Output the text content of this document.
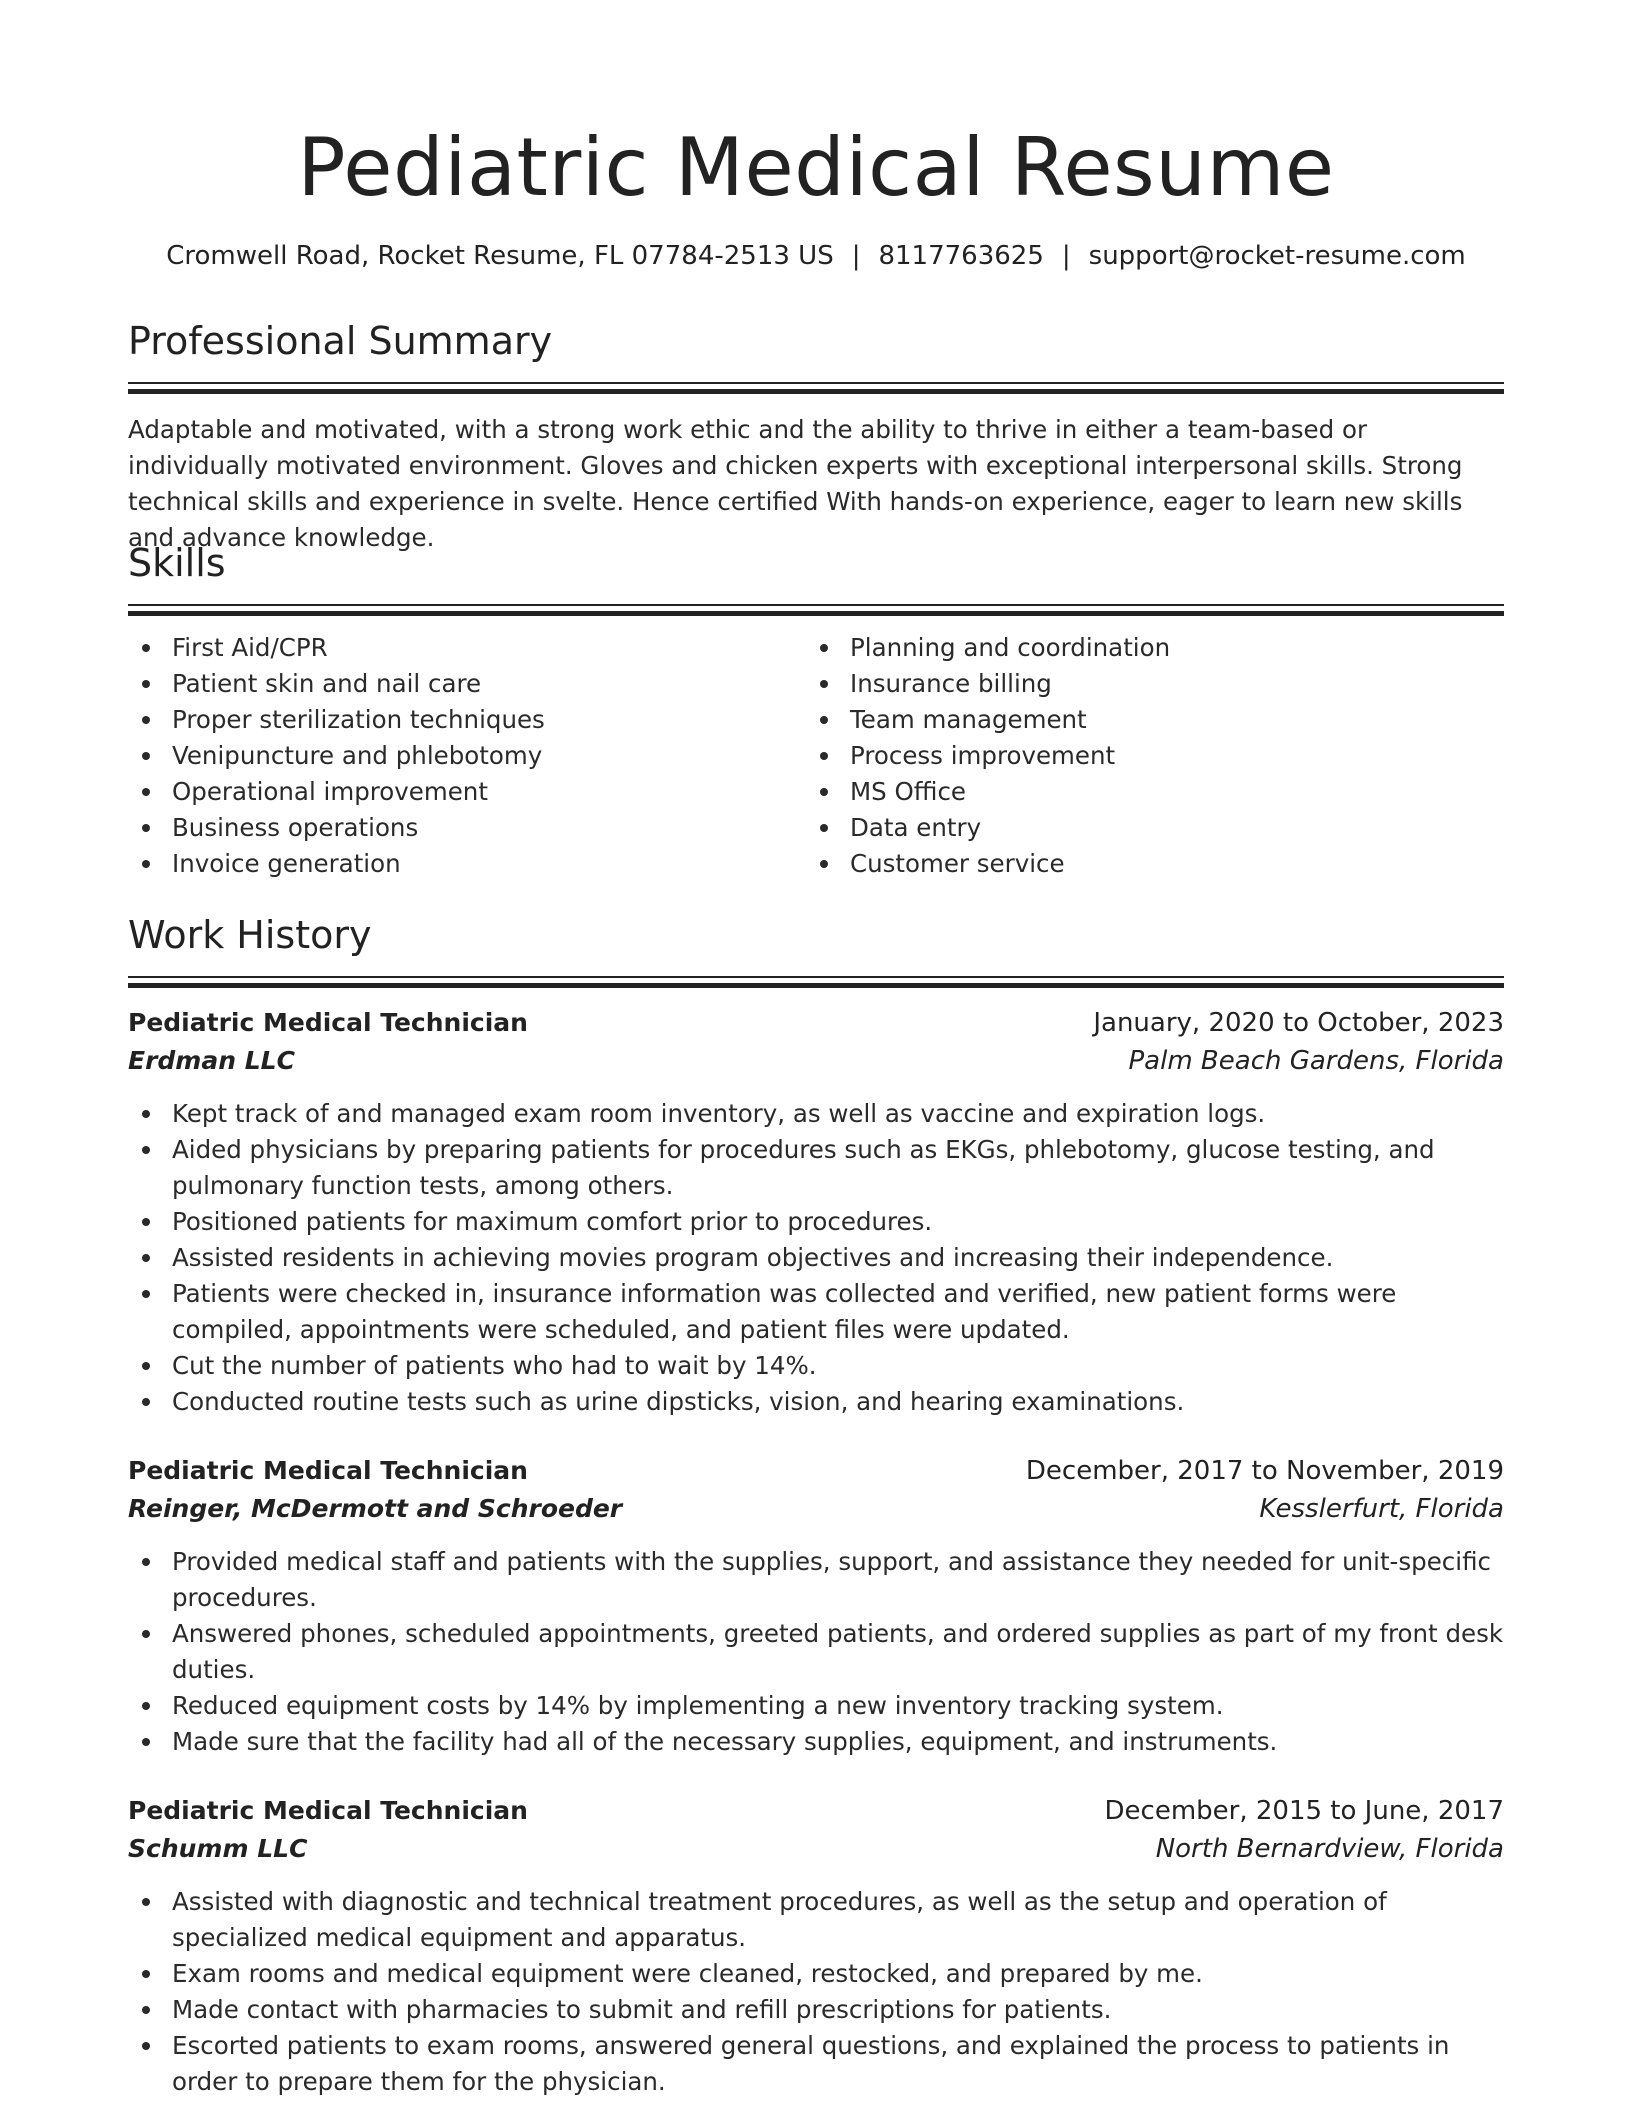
Pediatric Medical Resume
Cromwell Road, Rocket Resume, FL 07784-2513 US | 8117763625 | support@rocket-resume.com
Professional Summary

Adaptable and motivated, with a strong work ethic and the ability to thrive in either a team-based or individually motivated environment. Gloves and chicken experts with exceptional interpersonal skills. Strong technical skills and experience in svelte. Hence certified With hands-on experience, eager to learn new skills and advance knowledge.

Skills
First Aid/CPR
Patient skin and nail care
Proper sterilization techniques
Venipuncture and phlebotomy
Operational improvement
Business operations
Invoice generation
Planning and coordination
Insurance billing
Team management
Process improvement
MS Office
Data entry
Customer service
Work History
Pediatric Medical Technician	January, 2020 to October, 2023
Erdman LLC	Palm Beach Gardens, Florida
Kept track of and managed exam room inventory, as well as vaccine and expiration logs.
Aided physicians by preparing patients for procedures such as EKGs, phlebotomy, glucose testing, and pulmonary function tests, among others.
Positioned patients for maximum comfort prior to procedures.
Assisted residents in achieving movies program objectives and increasing their independence.
Patients were checked in, insurance information was collected and verified, new patient forms were compiled, appointments were scheduled, and patient files were updated.
Cut the number of patients who had to wait by 14%.
Conducted routine tests such as urine dipsticks, vision, and hearing examinations.
Pediatric Medical Technician	December, 2017 to November, 2019
Reinger, McDermott and Schroeder	Kesslerfurt, Florida
Provided medical staff and patients with the supplies, support, and assistance they needed for unit-specific procedures.
Answered phones, scheduled appointments, greeted patients, and ordered supplies as part of my front desk duties.
Reduced equipment costs by 14% by implementing a new inventory tracking system.
Made sure that the facility had all of the necessary supplies, equipment, and instruments.
Pediatric Medical Technician	December, 2015 to June, 2017
Schumm LLC	North Bernardview, Florida
Assisted with diagnostic and technical treatment procedures, as well as the setup and operation of specialized medical equipment and apparatus.
Exam rooms and medical equipment were cleaned, restocked, and prepared by me.
Made contact with pharmacies to submit and refill prescriptions for patients.
Escorted patients to exam rooms, answered general questions, and explained the process to patients in order to prepare them for the physician.
